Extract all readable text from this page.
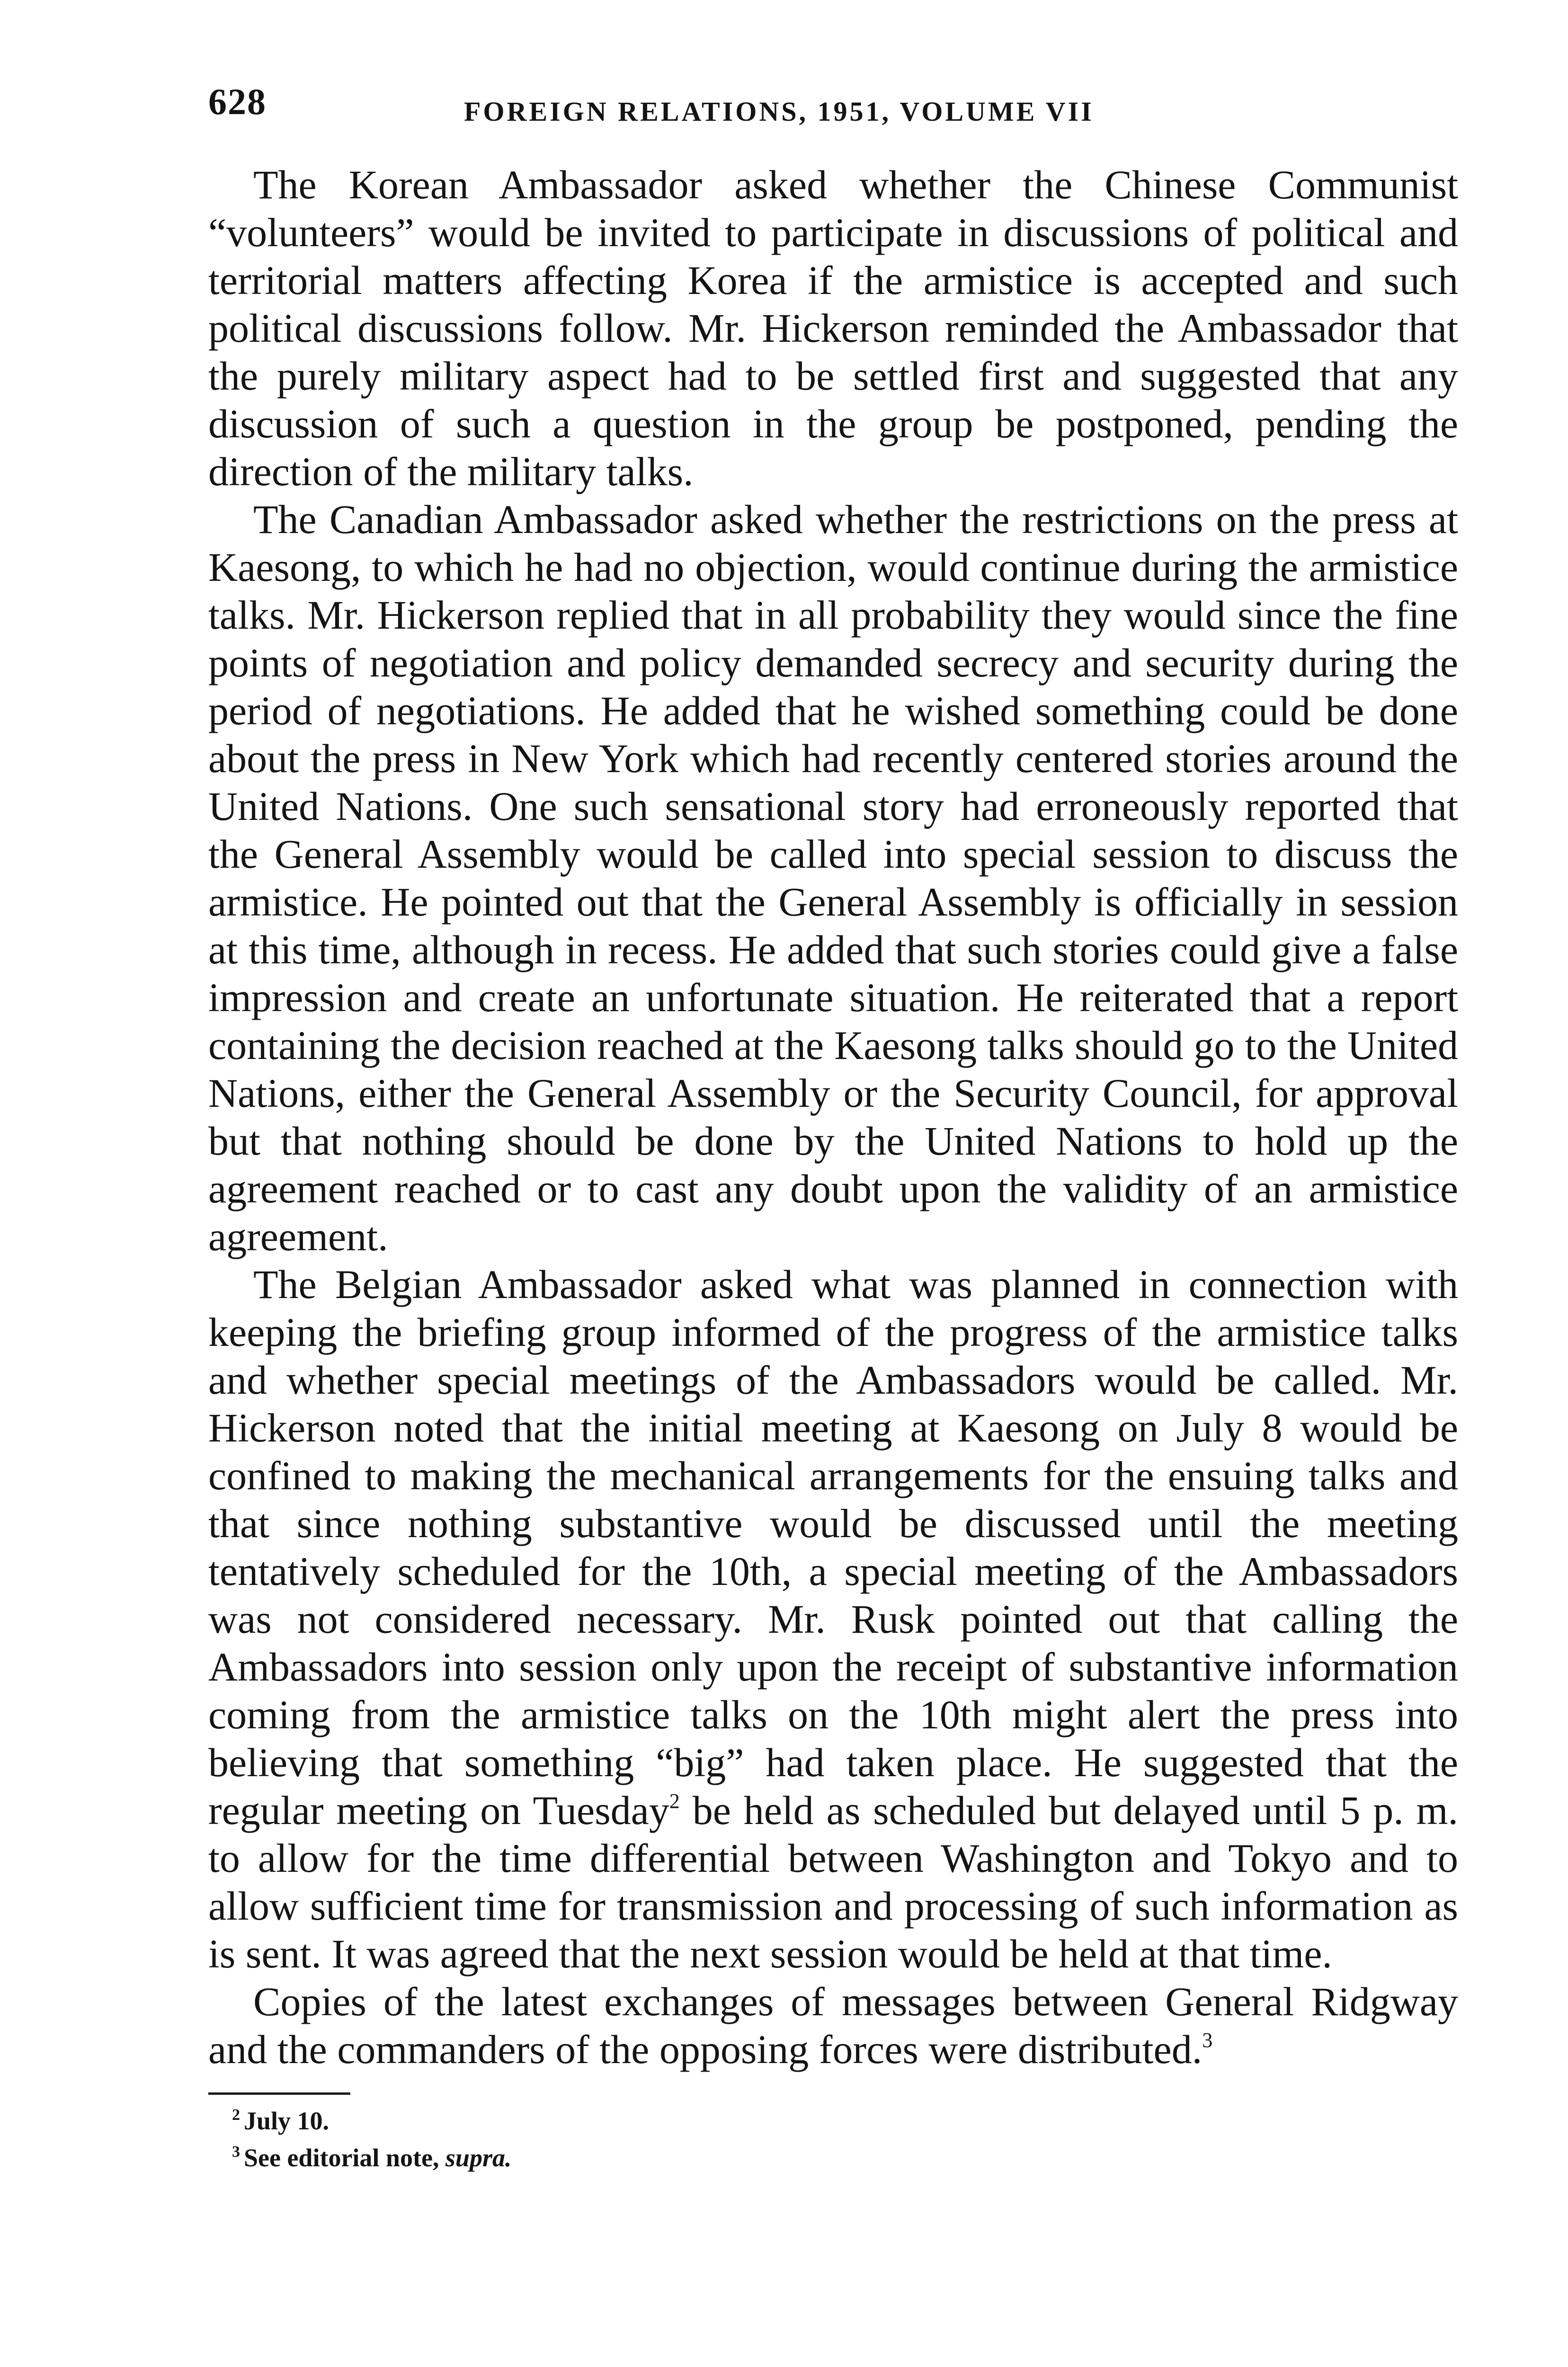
628	FOREIGN RELATIONS, 1951, VOLUME VII

The Korean Ambassador asked whether the Chinese Communist “volunteers” would be invited to participate in discussions of political and territorial matters affecting Korea if the armistice is accepted and such political discussions follow. Mr. Hickerson reminded the Ambassador that the purely military aspect had to be settled first and suggested that any discussion of such a question in the group be postponed, pending the direction of the military talks.

The Canadian Ambassador asked whether the restrictions on the press at Kaesong, to which he had no objection, would continue during the armistice talks. Mr. Hickerson replied that in all probability they would since the fine points of negotiation and policy demanded secrecy and security during the period of negotiations. He added that he wished something could be done about the press in New York which had recently centered stories around the United Nations. One such sensational story had erroneously reported that the General Assembly would be called into special session to discuss the armistice. He pointed out that the General Assembly is officially in session at this time, although in recess. He added that such stories could give a false impression and create an unfortunate situation. He reiterated that a report containing the decision reached at the Kaesong talks should go to the United Nations, either the General Assembly or the Security Council, for approval but that nothing should be done by the United Nations to hold up the agreement reached or to cast any doubt upon the validity of an armistice agreement.

The Belgian Ambassador asked what was planned in connection with keeping the briefing group informed of the progress of the armistice talks and whether special meetings of the Ambassadors would be called. Mr. Hickerson noted that the initial meeting at Kaesong on July 8 would be confined to making the mechanical arrangements for the ensuing talks and that since nothing substantive would be discussed until the meeting tentatively scheduled for the 10th, a special meeting of the Ambassadors was not considered necessary. Mr. Rusk pointed out that calling the Ambassadors into session only upon the receipt of substantive information coming from the armistice talks on the 10th might alert the press into believing that something “big” had taken place. He suggested that the regular meeting on Tuesday$^2$ be held as scheduled but delayed until 5 p. m. to allow for the time differential between Washington and Tokyo and to allow sufficient time for transmission and processing of such information as is sent. It was agreed that the next session would be held at that time.

Copies of the latest exchanges of messages between General Ridgway and the commanders of the opposing forces were distributed.$^3$

$^2$ July 10.
$^3$ See editorial note, supra.
